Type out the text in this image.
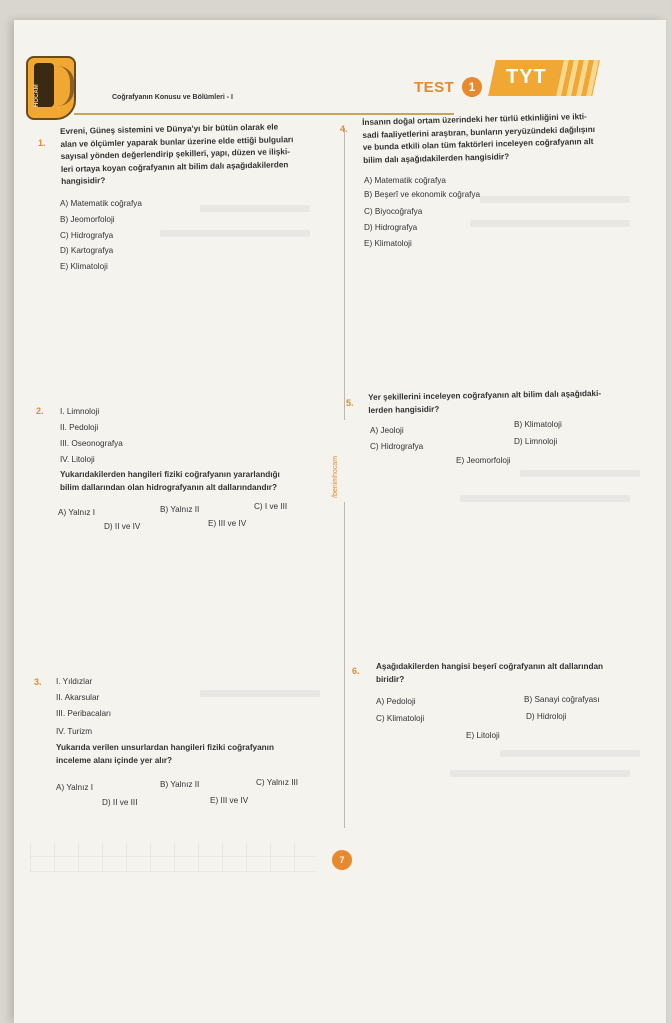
HOCAM	Coğrafyanın Konusu ve Bölümleri - I
TEST	1	TYT
/benimhocam
1.
Evreni, Güneş sistemini ve Dünya'yı bir bütün olarak ele
alan ve ölçümler yaparak bunlar üzerine elde ettiği bulguları
sayısal yönden değerlendirip şekilleri, yapı, düzen ve ilişki-
leri ortaya koyan coğrafyanın alt bilim dalı aşağıdakilerden
hangisidir?
A) Matematik coğrafya
B) Jeomorfoloji
C) Hidrografya
D) Kartografya
E) Klimatoloji
2. I. Limnoloji
II. Pedoloji
III. Oseonografya
IV. Litoloji
Yukarıdakilerden hangileri fiziki coğrafyanın yararlandığı
bilim dallarından olan hidrografyanın alt dallarındandır?
A) Yalnız I	B) Yalnız II	C) I ve III
D) II ve IV	E) III ve IV
3. I. Yıldızlar
II. Akarsular
III. Peribacaları
IV. Turizm
Yukarıda verilen unsurlardan hangileri fiziki coğrafyanın
inceleme alanı içinde yer alır?
A) Yalnız I	B) Yalnız II	C) Yalnız III
D) II ve III	E) III ve IV
4.
İnsanın doğal ortam üzerindeki her türlü etkinliğini ve ikti-
sadi faaliyetlerini araştıran, bunların yeryüzündeki dağılışını
ve bunda etkili olan tüm faktörleri inceleyen coğrafyanın alt
bilim dalı aşağıdakilerden hangisidir?
A) Matematik coğrafya
B) Beşerî ve ekonomik coğrafya
C) Biyocoğrafya
D) Hidrografya
E) Klimatoloji
5.
Yer şekillerini inceleyen coğrafyanın alt bilim dalı aşağıdaki-
lerden hangisidir?
A) Jeoloji
B) Klimatoloji
C) Hidrografya
D) Limnoloji
E) Jeomorfoloji
6. Aşağıdakilerden hangisi beşerî coğrafyanın alt dallarından
biridir?
A) Pedoloji	B) Sanayi coğrafyası
C) Klimatoloji	D) Hidroloji
E) Litoloji
7
